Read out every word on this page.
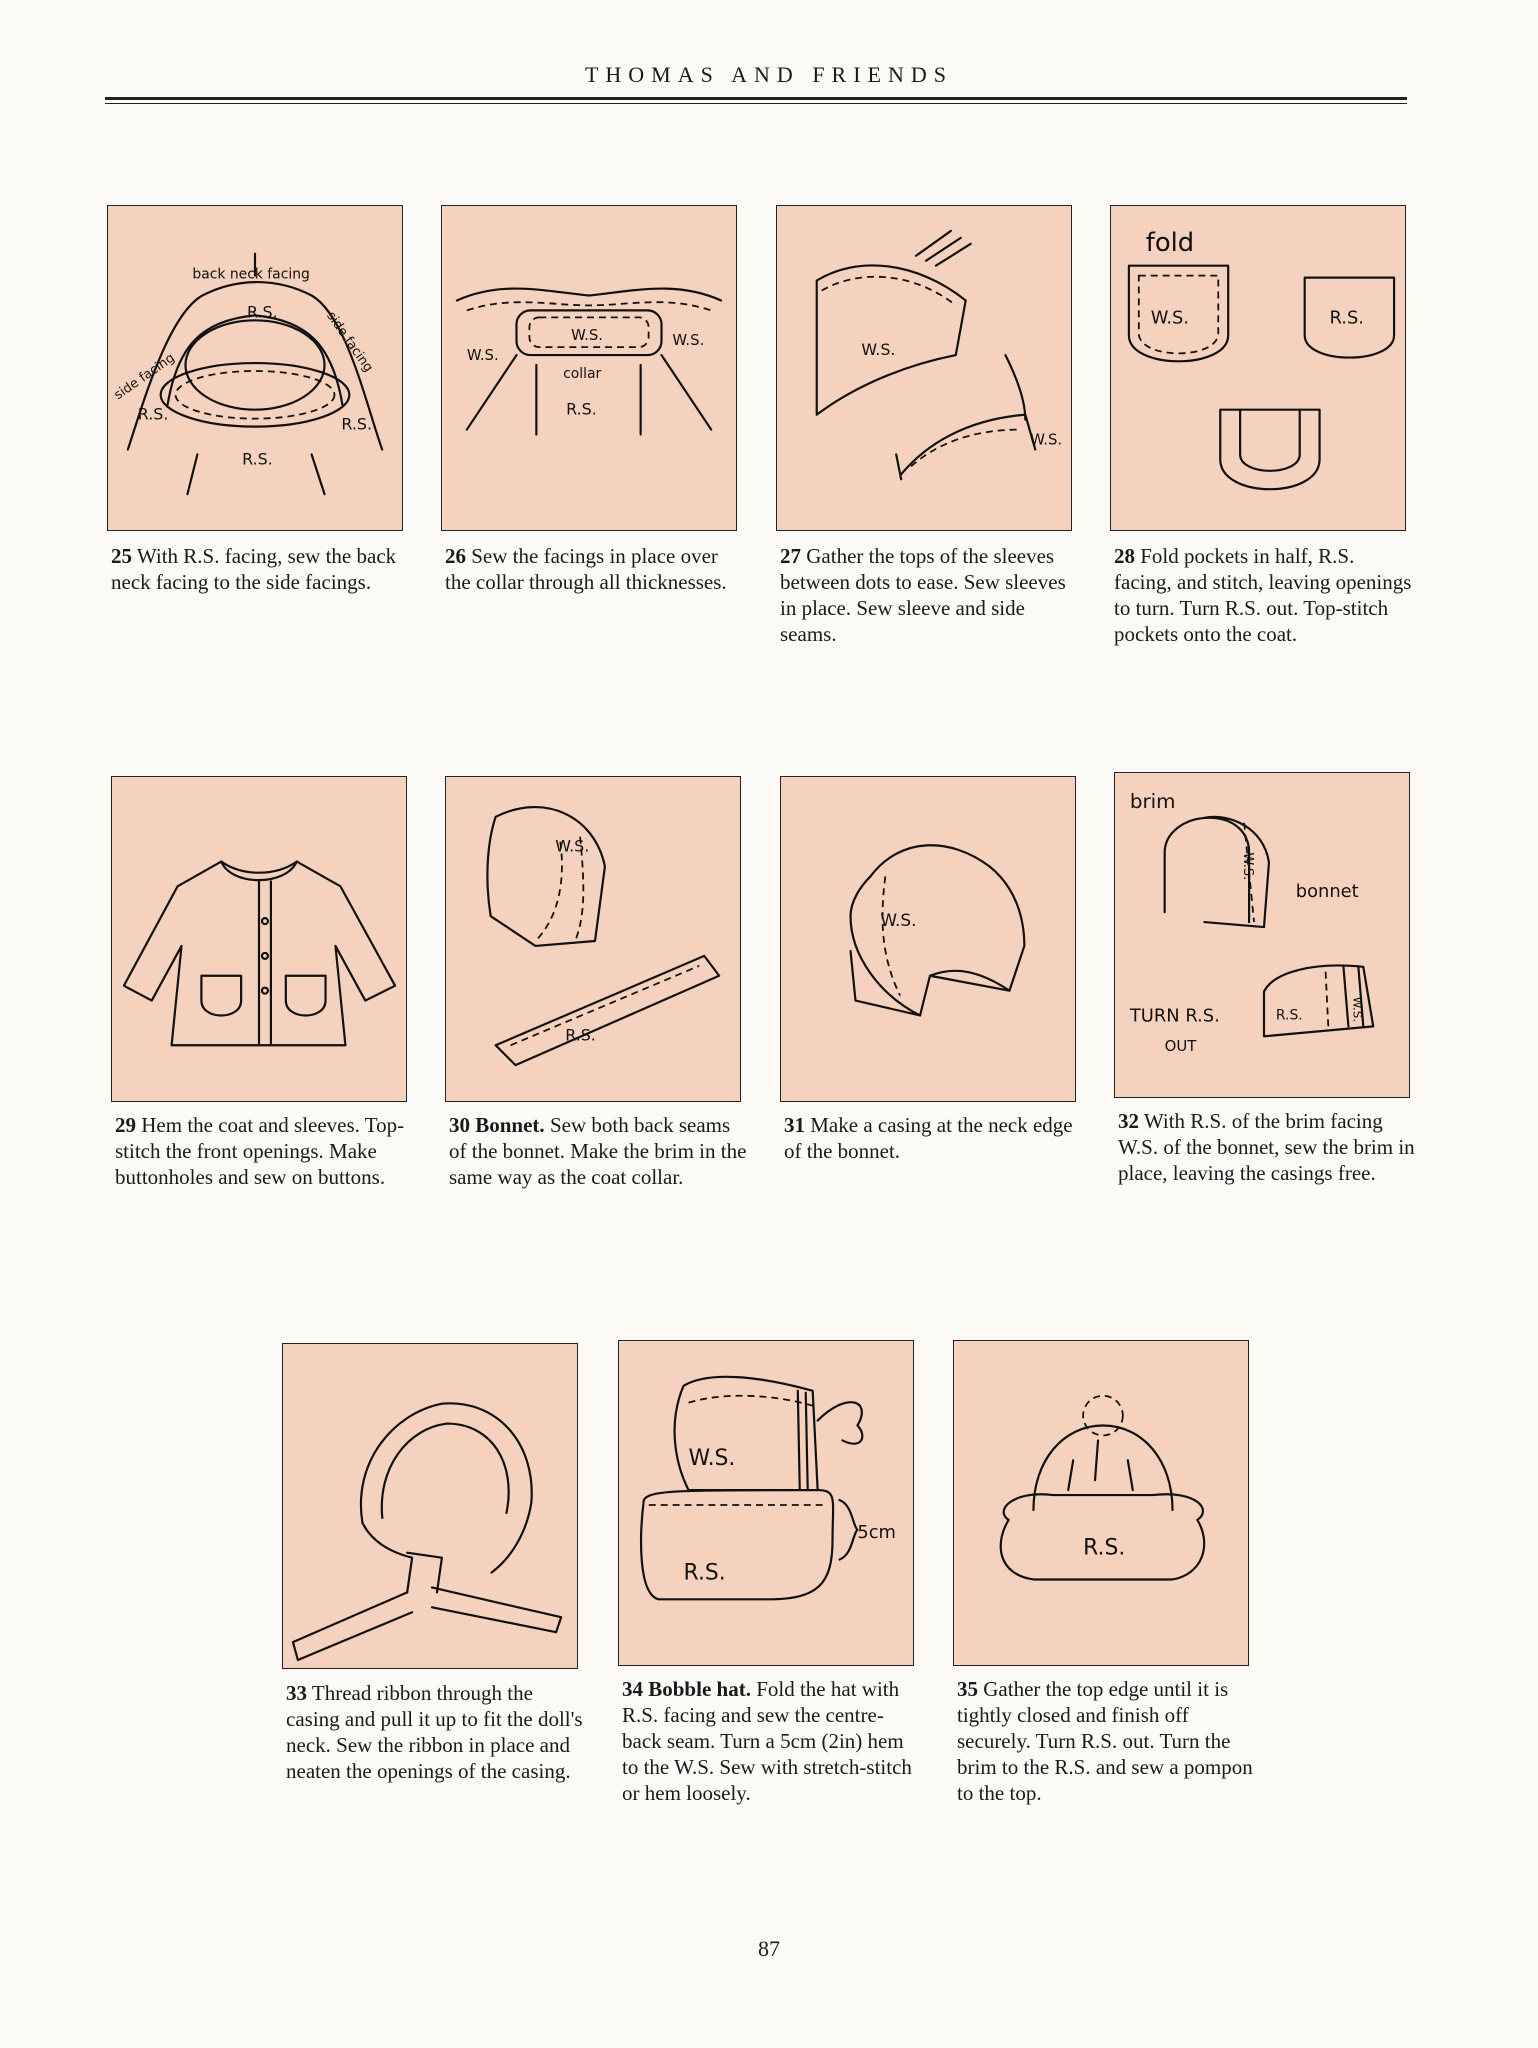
THOMAS AND FRIENDS
back neck facing
R.S.
side facing
side facing
R.S.
R.S.
R.S.
25 With R.S. facing, sew the back neck facing to the side facings.
W.S.
W.S.	W.S.
collar
R.S.
26 Sew the facings in place over the collar through all thicknesses.
W.S.
W.S.
27 Gather the tops of the sleeves between dots to ease. Sew sleeves in place. Sew sleeve and side seams.
fold
W.S.	R.S.
28 Fold pockets in half, R.S. facing, and stitch, leaving openings to turn. Turn R.S. out. Top-stitch pockets onto the coat.
29 Hem the coat and sleeves. Top-stitch the front openings. Make buttonholes and sew on buttons.
W.S.
R.S.
30 Bonnet. Sew both back seams of the bonnet. Make the brim in the same way as the coat collar.
W.S.
31 Make a casing at the neck edge of the bonnet.
brim
W.S.
bonnet
TURN R.S.
OUT
R.S.	W.S.
32 With R.S. of the brim facing W.S. of the bonnet, sew the brim in place, leaving the casings free.
33 Thread ribbon through the casing and pull it up to fit the doll's neck. Sew the ribbon in place and neaten the openings of the casing.
W.S.
R.S.
5cm
34 Bobble hat. Fold the hat with R.S. facing and sew the centre-back seam. Turn a 5cm (2in) hem to the W.S. Sew with stretch-stitch or hem loosely.
R.S.
35 Gather the top edge until it is tightly closed and finish off securely. Turn R.S. out. Turn the brim to the R.S. and sew a pompon to the top.
87
